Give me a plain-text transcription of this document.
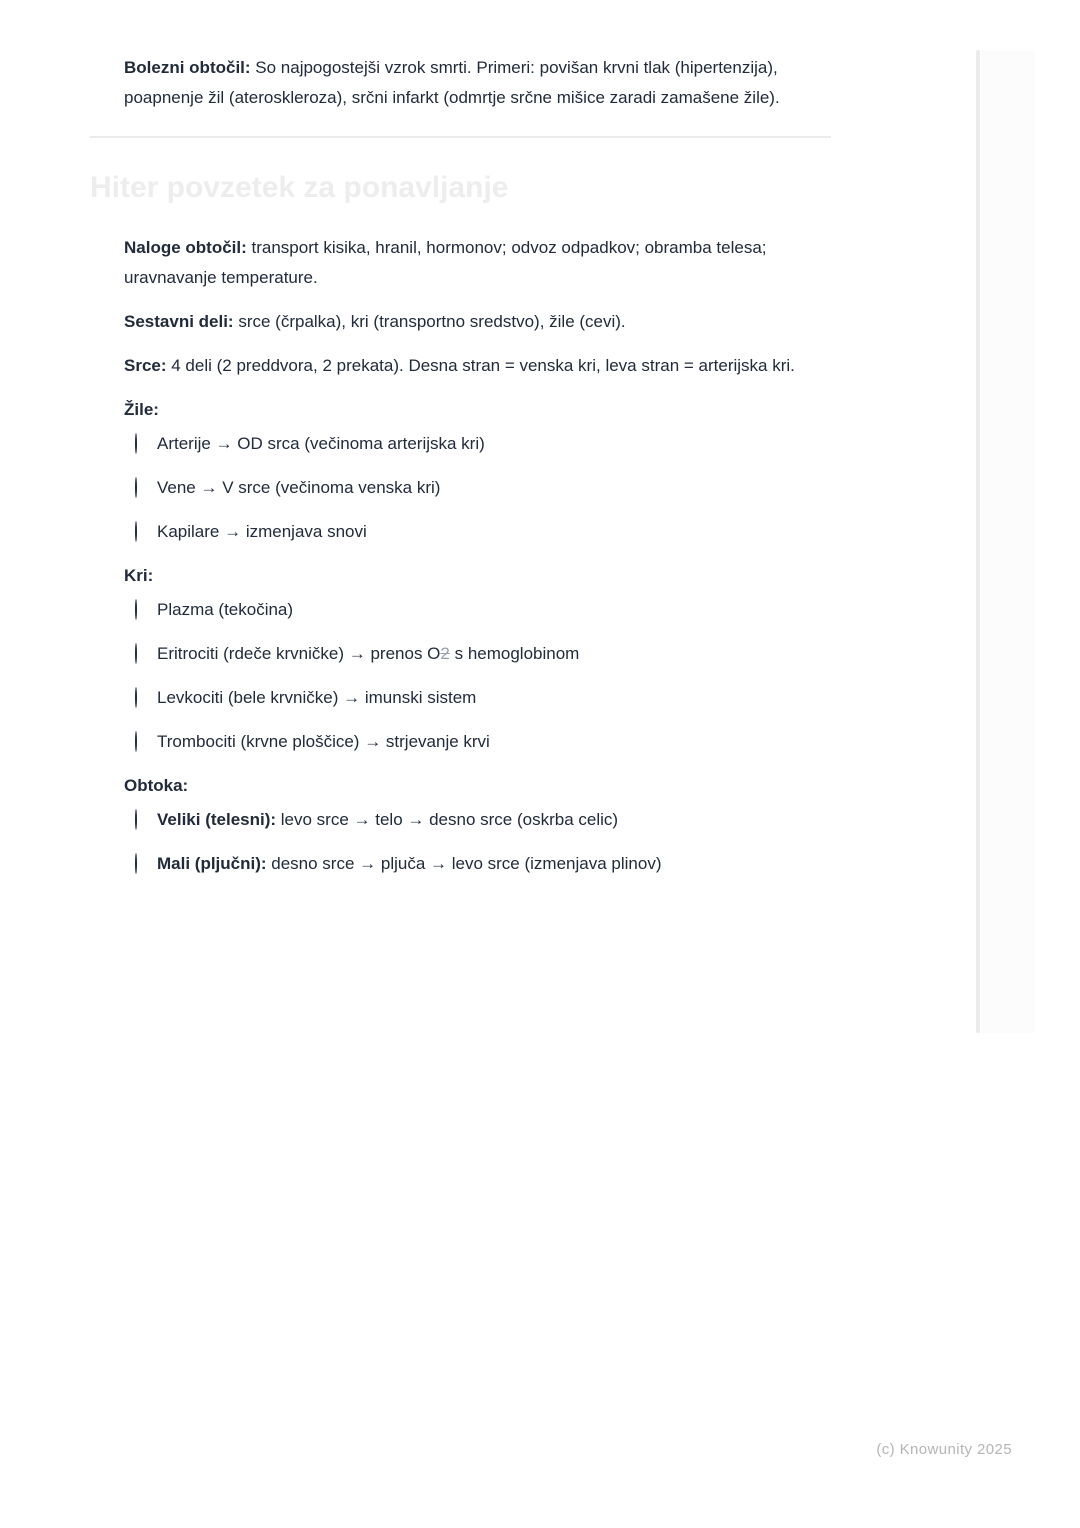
Bolezni obtočil: So najpogostejši vzrok smrti. Primeri: povišan krvni tlak (hipertenzija), poapnenje žil (ateroskleroza), srčni infarkt (odmrtje srčne mišice zaradi zamašene žile).
Hiter povzetek za ponavljanje
Naloge obtočil: transport kisika, hranil, hormonov; odvoz odpadkov; obramba telesa; uravnavanje temperature.
Sestavni deli: srce (črpalka), kri (transportno sredstvo), žile (cevi).
Srce: 4 deli (2 preddvora, 2 prekata). Desna stran = venska kri, leva stran = arterijska kri.
Žile:
Arterije → OD srca (večinoma arterijska kri)
Vene → V srce (večinoma venska kri)
Kapilare → izmenjava snovi
Kri:
Plazma (tekočina)
Eritrociti (rdeče krvničke) → prenos O2 s hemoglobinom
Levkociti (bele krvničke) → imunski sistem
Trombociti (krvne ploščice) → strjevanje krvi
Obtoka:
Veliki (telesni): levo srce → telo → desno srce (oskrba celic)
Mali (pljučni): desno srce → pljuča → levo srce (izmenjava plinov)
(c) Knowunity 2025
